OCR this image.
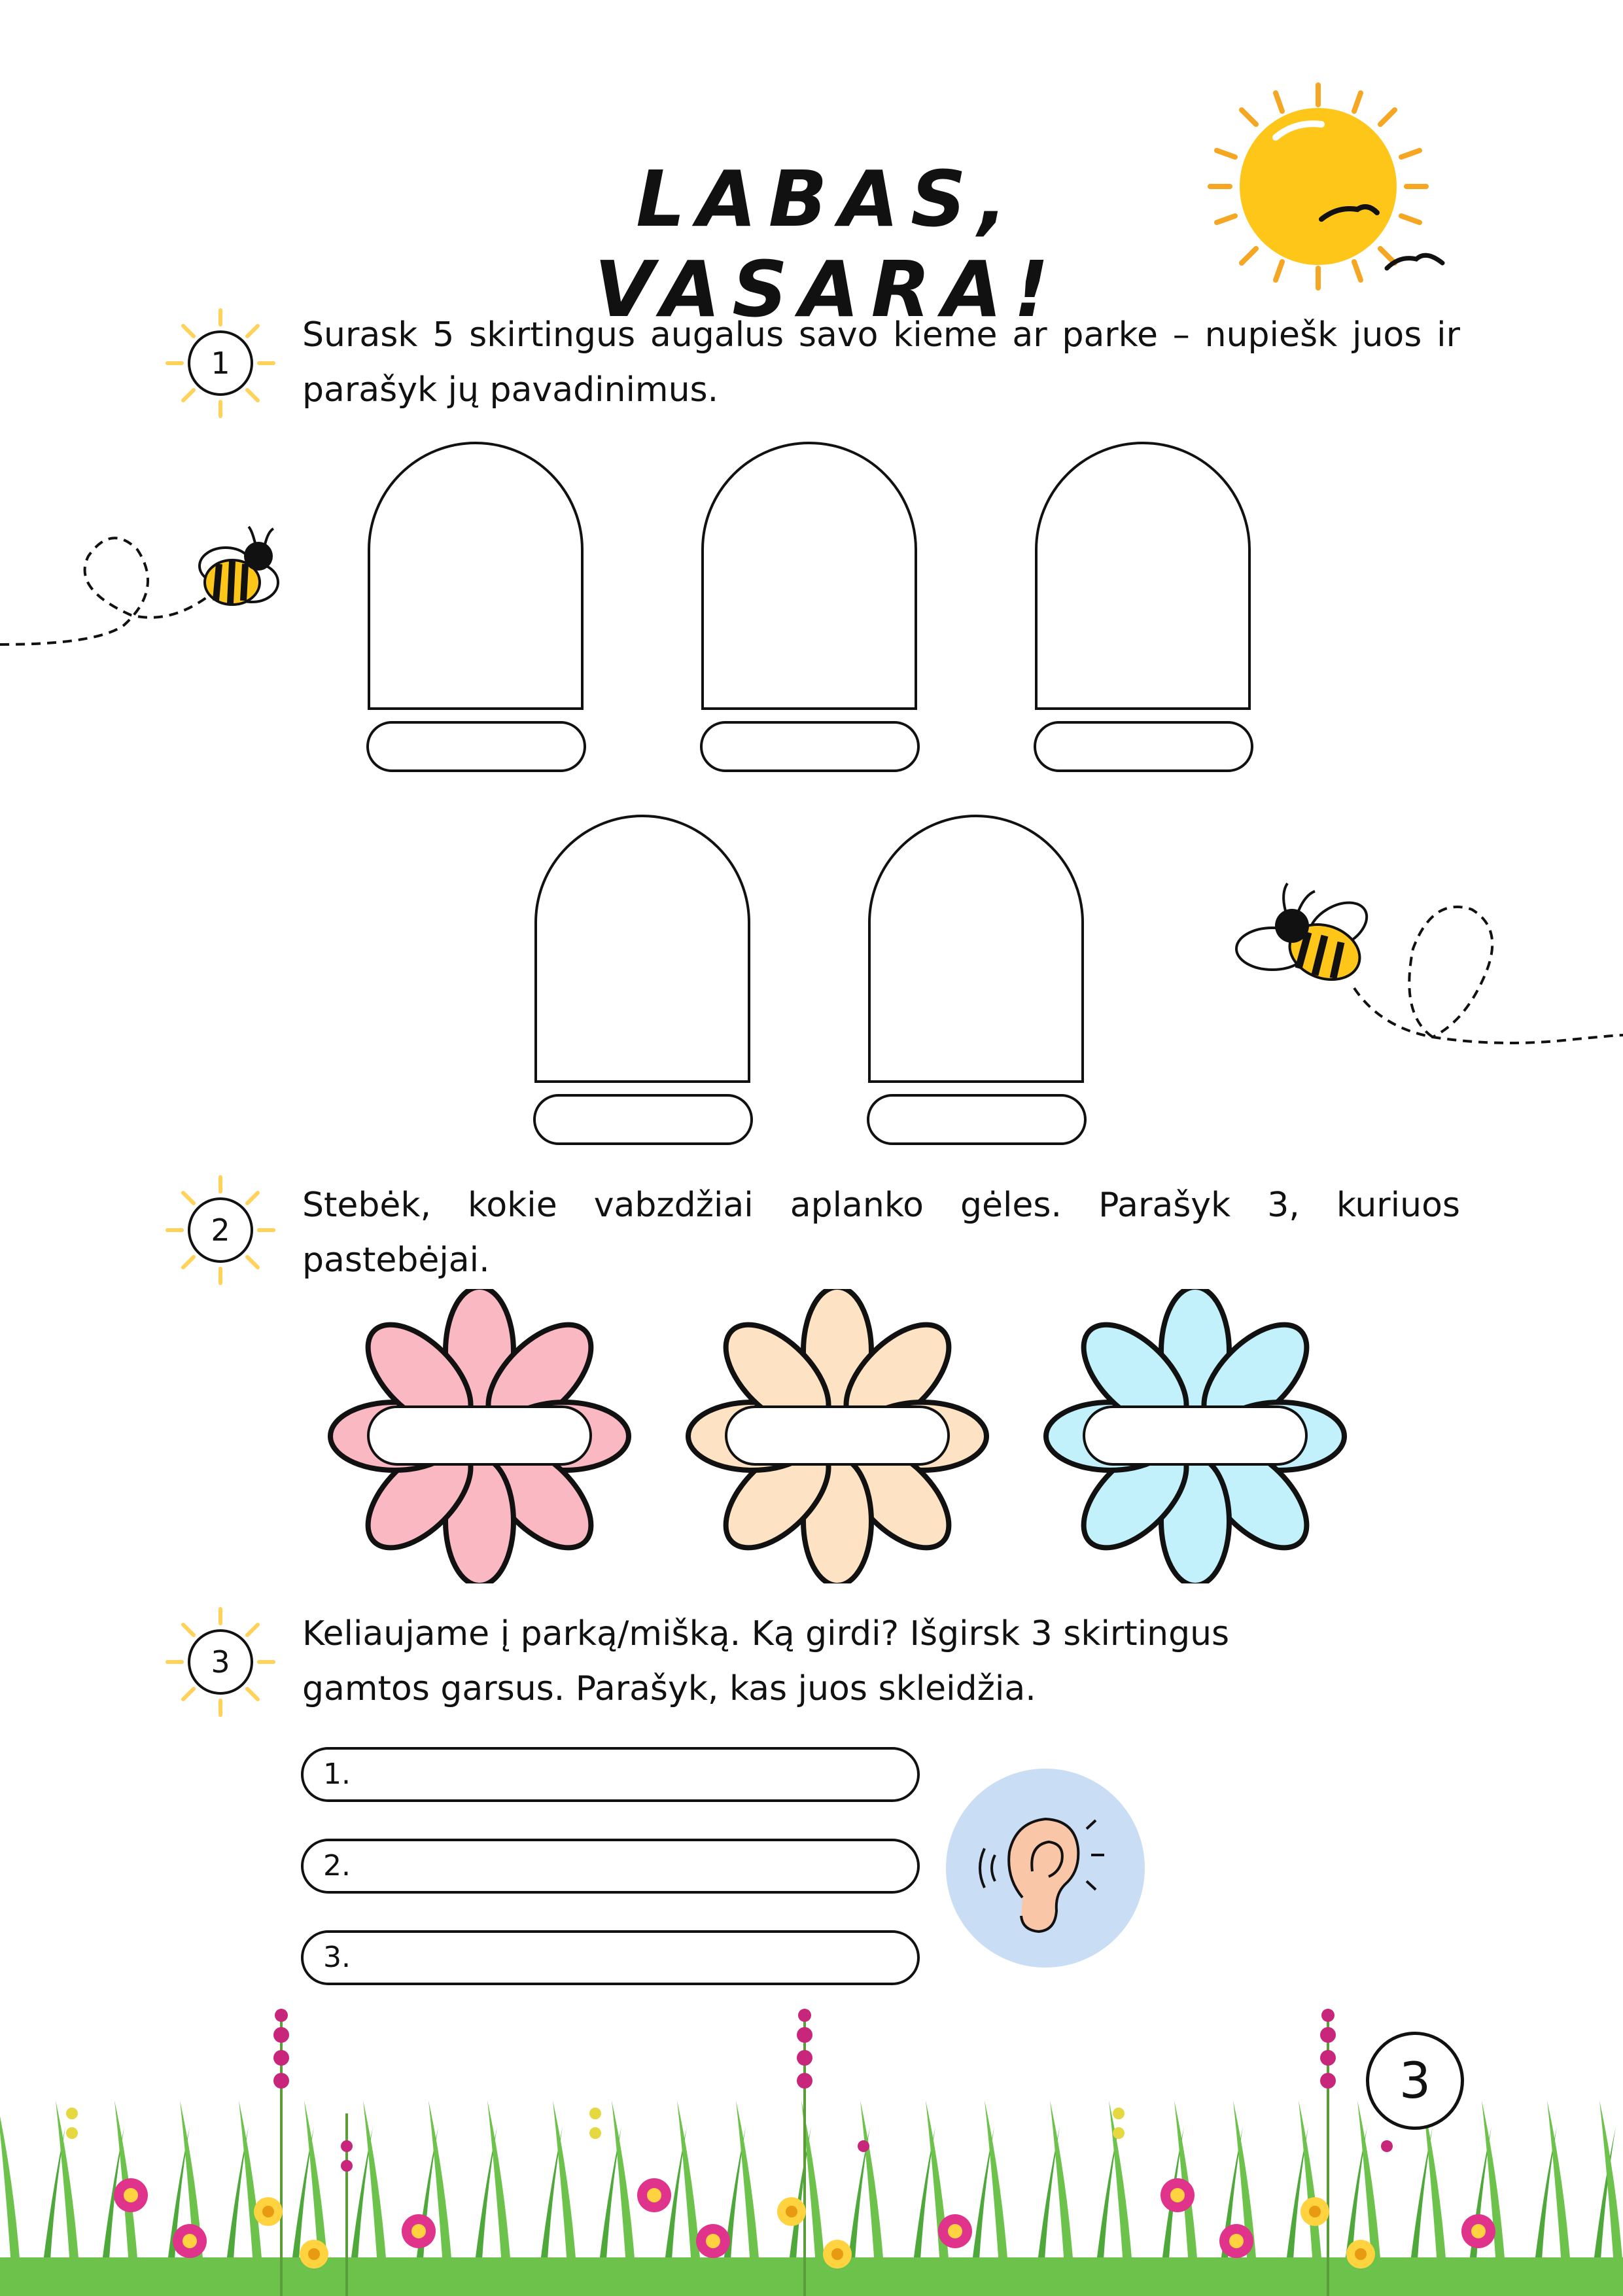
LABAS, VASARA!
1
Surask 5 skirtingus augalus savo kieme ar parke – nupiešk juos ir parašyk jų pavadinimus.
2
Stebėk, kokie vabzdžiai aplanko gėles. Parašyk 3, kuriuos pastebėjai.
3
Keliaujame į parką/mišką. Ką girdi? Išgirsk 3 skirtingus gamtos garsus. Parašyk, kas juos skleidžia.
1.
2.
3.
3
